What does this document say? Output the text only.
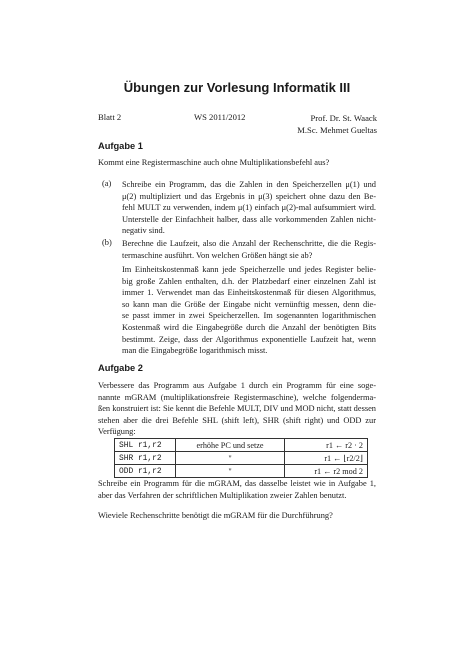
Übungen zur Vorlesung Informatik III
Blatt 2	WS 2011/2012	Prof. Dr. St. Waack
M.Sc. Mehmet Gueltas
Aufgabe 1
Kommt eine Registermaschine auch ohne Multiplikationsbefehl aus?
(a) Schreibe ein Programm, das die Zahlen in den Speicherzellen μ(1) und
μ(2) multipliziert und das Ergebnis in μ(3) speichert ohne dazu den Be-
fehl MULT zu verwenden, indem μ(1) einfach μ(2)-mal aufsummiert wird.
Unterstelle der Einfachheit halber, dass alle vorkommenden Zahlen nicht-
negativ sind.
(b) Berechne die Laufzeit, also die Anzahl der Rechenschritte, die die Regis-
termaschine ausführt. Von welchen Größen hängt sie ab?
Im Einheitskostenmaß kann jede Speicherzelle und jedes Register belie-
big große Zahlen enthalten, d.h. der Platzbedarf einer einzelnen Zahl ist
immer 1. Verwendet man das Einheitskostenmaß für diesen Algorithmus,
so kann man die Größe der Eingabe nicht vernünftig messen, denn die-
se passt immer in zwei Speicherzellen. Im sogenannten logarithmischen
Kostenmaß wird die Eingabegröße durch die Anzahl der benötigten Bits
bestimmt. Zeige, dass der Algorithmus exponentielle Laufzeit hat, wenn
man die Eingabegröße logarithmisch misst.
Aufgabe 2
Verbessere das Programm aus Aufgabe 1 durch ein Programm für eine soge-
nannte mGRAM (multiplikationsfreie Registermaschine), welche folgenderma-
ßen konstruiert ist: Sie kennt die Befehle MULT, DIV und MOD nicht, statt dessen
stehen aber die drei Befehle SHL (shift left), SHR (shift right) und ODD zur
Verfügung:
SHL r1,r2	erhöhe PC und setze	r1 ← r2 · 2
SHR r1,r2	"	r1 ← ⌊r2/2⌋
ODD r1,r2	"	r1 ← r2 mod 2
Schreibe ein Programm für die mGRAM, das dasselbe leistet wie in Aufgabe 1,
aber das Verfahren der schriftlichen Multiplikation zweier Zahlen benutzt.
Wieviele Rechenschritte benötigt die mGRAM für die Durchführung?
